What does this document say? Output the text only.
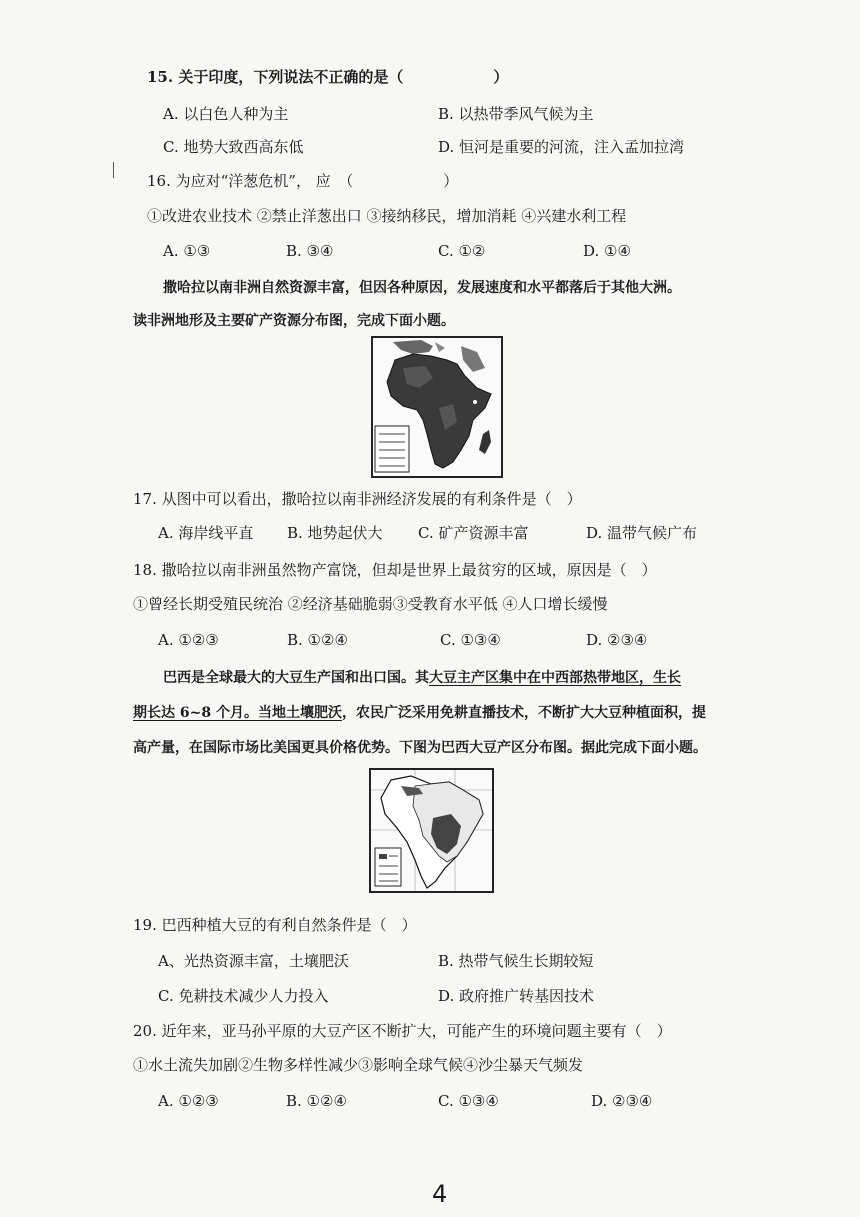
15. 关于印度，下列说法不正确的是（　　　　　　）
A. 以白色人种为主	B. 以热带季风气候为主
C. 地势大致西高东低	D. 恒河是重要的河流，注入孟加拉湾
16. 为应对“洋葱危机”， 应　（　　　　　　）
①改进农业技术 ②禁止洋葱出口 ③接纳移民，增加消耗 ④兴建水利工程
A. ①③	B. ③④	C. ①②	D. ①④
撒哈拉以南非洲自然资源丰富，但因各种原因，发展速度和水平都落后于其他大洲。
读非洲地形及主要矿产资源分布图，完成下面小题。
17. 从图中可以看出，撒哈拉以南非洲经济发展的有利条件是（　）
A. 海岸线平直 B. 地势起伏大 C. 矿产资源丰富	D. 温带气候广布
18. 撒哈拉以南非洲虽然物产富饶，但却是世界上最贫穷的区域，原因是（　）
①曾经长期受殖民统治 ②经济基础脆弱③受教育水平低 ④人口增长缓慢
A. ①②③	B. ①②④	C. ①③④	D. ②③④
巴西是全球最大的大豆生产国和出口国。其大豆主产区集中在中西部热带地区，生长
期长达 6~8 个月。当地土壤肥沃，农民广泛采用免耕直播技术，不断扩大大豆种植面积，提
高产量，在国际市场比美国更具价格优势。下图为巴西大豆产区分布图。据此完成下面小题。
19. 巴西种植大豆的有利自然条件是（　）
A、光热资源丰富，土壤肥沃	B. 热带气候生长期较短
C. 免耕技术减少人力投入	D. 政府推广转基因技术
20. 近年来，亚马孙平原的大豆产区不断扩大，可能产生的环境问题主要有（　）
①水土流失加剧②生物多样性减少③影响全球气候④沙尘暴天气频发
A. ①②③	B. ①②④	C. ①③④	D. ②③④
4
